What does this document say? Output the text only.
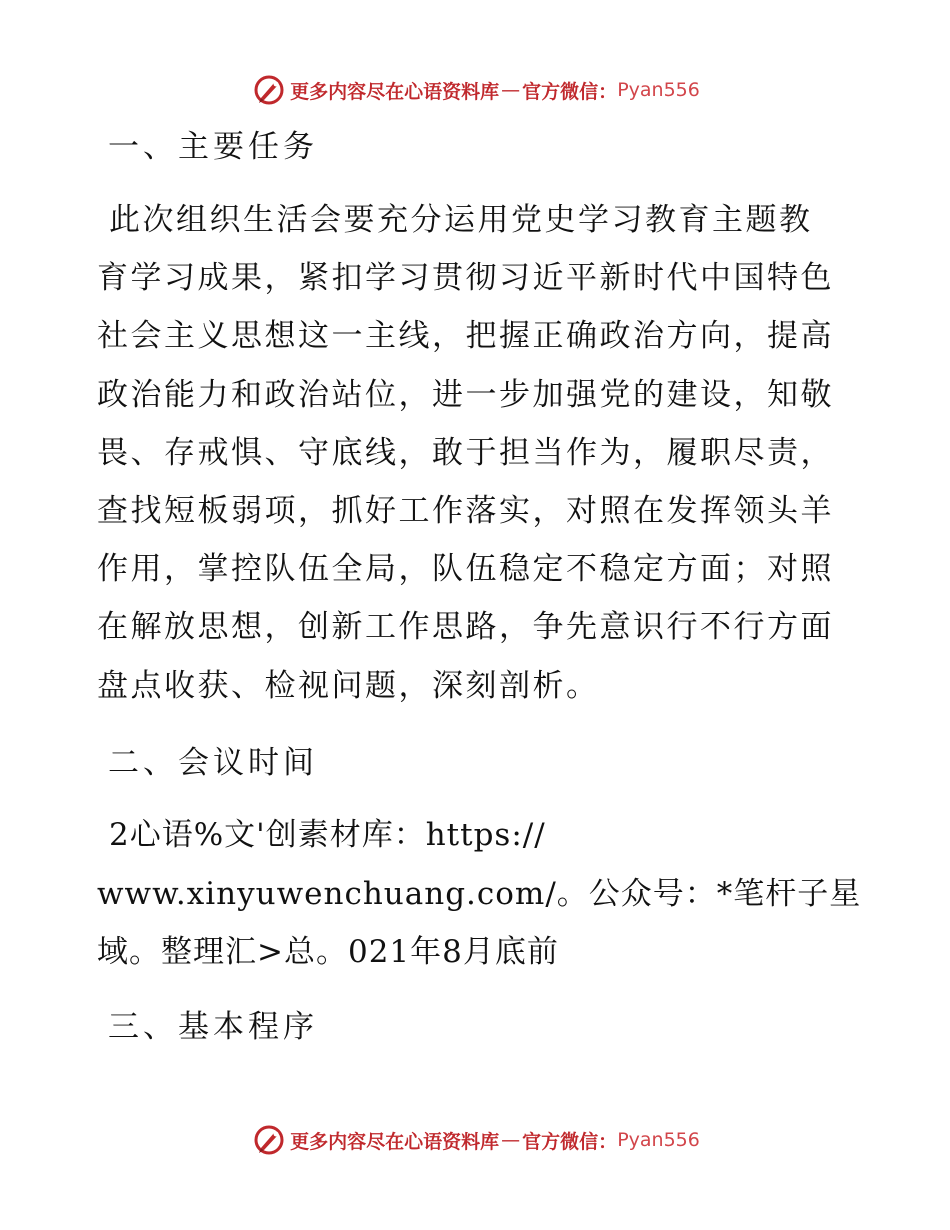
更多内容尽在心语资料库 — 官方微信： Pyan556
一、主要任务
此次组织生活会要充分运用党史学习教育主题教
育学习成果，紧扣学习贯彻习近平新时代中国特色
社会主义思想这一主线，把握正确政治方向，提高
政治能力和政治站位，进一步加强党的建设，知敬
畏、存戒惧、守底线，敢于担当作为，履职尽责，
查找短板弱项，抓好工作落实，对照在发挥领头羊
作用，掌控队伍全局，队伍稳定不稳定方面；对照
在解放思想，创新工作思路，争先意识行不行方面
盘点收获、检视问题，深刻剖析。
二、会议时间
2心语%文'创素材库：https://
www.xinyuwenchuang.com/。公众号：*笔杆子星
域。整理汇>总。021年8月底前
三、基本程序
更多内容尽在心语资料库 — 官方微信： Pyan556
